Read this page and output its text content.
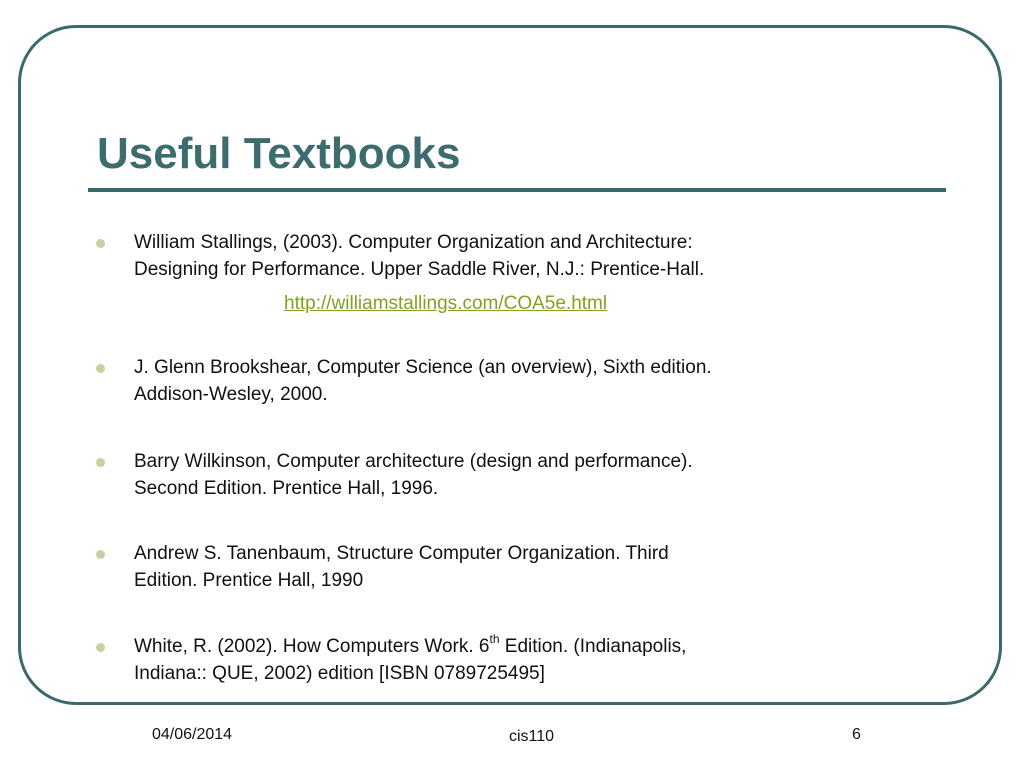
Useful Textbooks
William Stallings, (2003). Computer Organization and Architecture:
Designing for Performance. Upper Saddle River, N.J.: Prentice-Hall.
http://williamstallings.com/COA5e.html
J. Glenn Brookshear, Computer Science (an overview), Sixth edition.
Addison-Wesley, 2000.
Barry Wilkinson, Computer architecture (design and performance).
Second Edition. Prentice Hall, 1996.
Andrew S. Tanenbaum, Structure Computer Organization. Third
Edition. Prentice Hall, 1990
White, R. (2002). How Computers Work. 6th Edition. (Indianapolis,
Indiana:: QUE, 2002) edition [ISBN 0789725495]
04/06/2014	cis110	6
